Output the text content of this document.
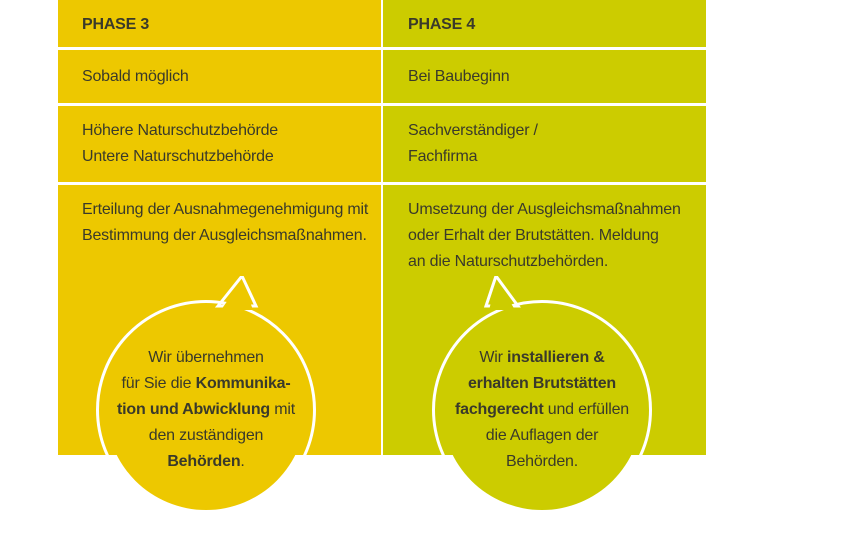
PHASE 3
Sobald möglich
Höhere Naturschutzbehörde
Untere Naturschutzbehörde
Erteilung der Ausnahmegenehmigung mit
Bestimmung der Ausgleichsmaßnahmen.
PHASE 4
Bei Baubeginn
Sachverständiger /
Fachfirma
Umsetzung der Ausgleichsmaßnahmen
oder Erhalt der Brutstätten. Meldung
an die Naturschutzbehörden.
Wir übernehmen
für Sie die Kommunika-
tion und Abwicklung mit
den zuständigen
Behörden.
Wir installieren &
erhalten Brutstätten
fachgerecht und erfüllen
die Auflagen der
Behörden.
